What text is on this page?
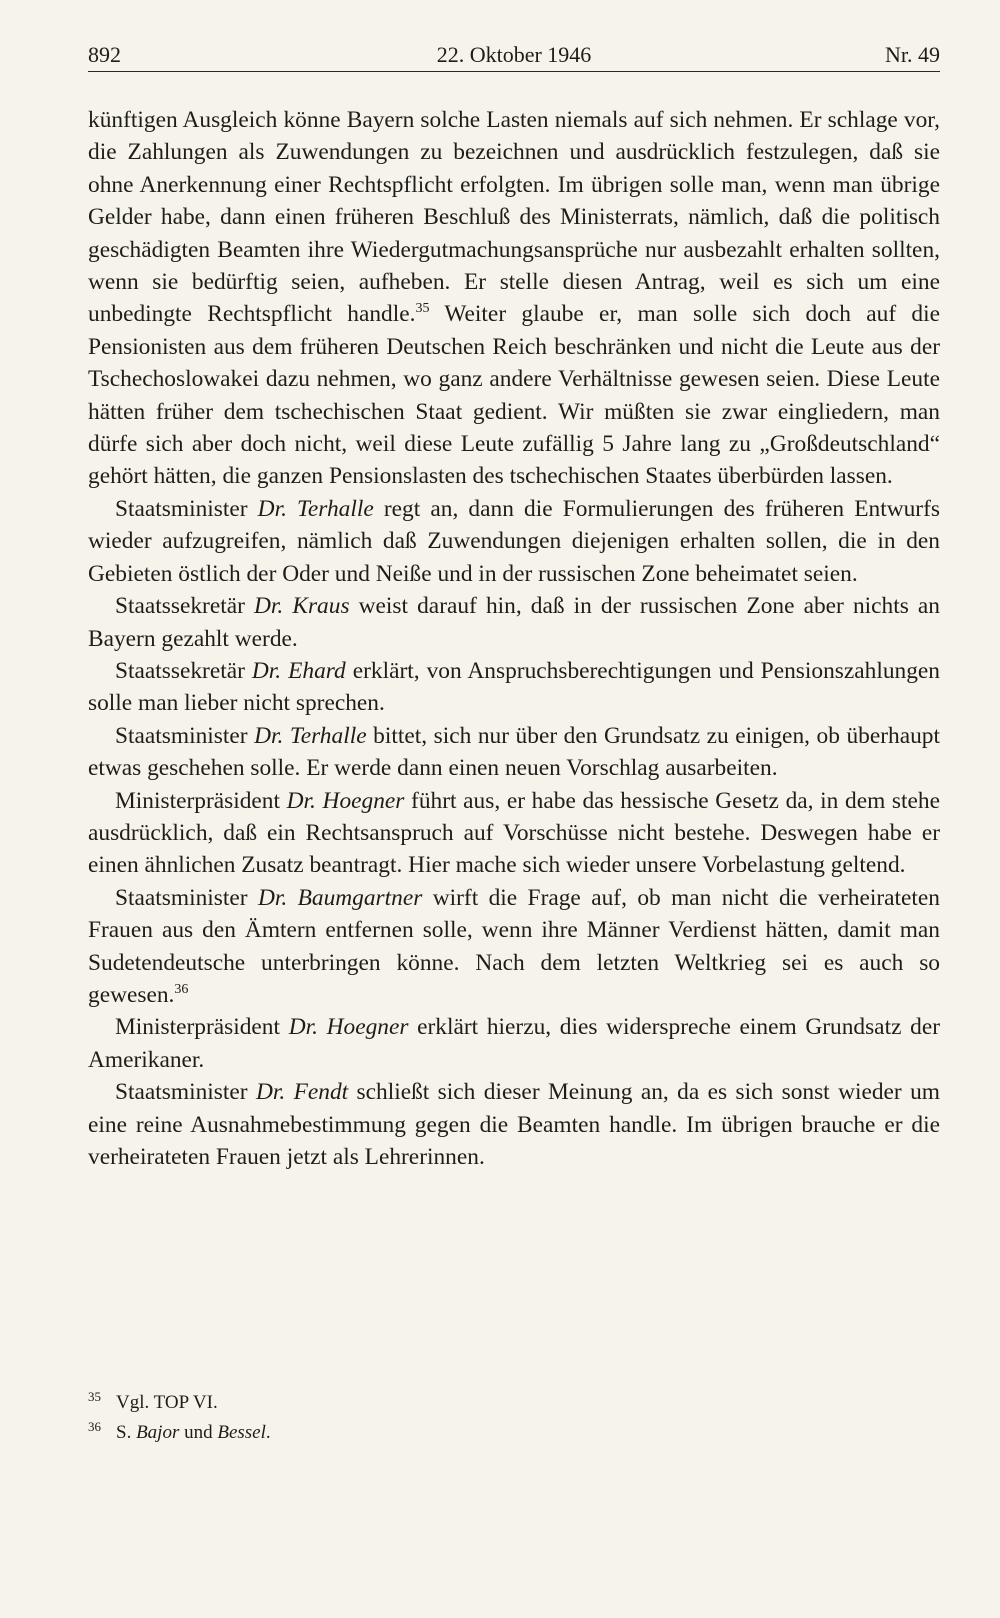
892	22. Oktober 1946	Nr. 49

künftigen Ausgleich könne Bayern solche Lasten niemals auf sich nehmen. Er schlage vor, die Zahlungen als Zuwendungen zu bezeichnen und ausdrücklich festzulegen, daß sie ohne Anerkennung einer Rechtspflicht erfolgten. Im übrigen solle man, wenn man übrige Gelder habe, dann einen früheren Beschluß des Ministerrats, nämlich, daß die politisch geschädigten Beamten ihre Wiedergutmachungsansprüche nur ausbezahlt erhalten sollten, wenn sie bedürftig seien, aufheben. Er stelle diesen Antrag, weil es sich um eine unbedingte Rechtspflicht handle.$^{35}$ Weiter glaube er, man solle sich doch auf die Pensionisten aus dem früheren Deutschen Reich beschränken und nicht die Leute aus der Tschechoslowakei dazu nehmen, wo ganz andere Verhältnisse gewesen seien. Diese Leute hätten früher dem tschechischen Staat gedient. Wir müßten sie zwar eingliedern, man dürfe sich aber doch nicht, weil diese Leute zufällig 5 Jahre lang zu „Großdeutschland“ gehört hätten, die ganzen Pensionslasten des tschechischen Staates überbürden lassen.

Staatsminister Dr. Terhalle regt an, dann die Formulierungen des früheren Entwurfs wieder aufzugreifen, nämlich daß Zuwendungen diejenigen erhalten sollen, die in den Gebieten östlich der Oder und Neiße und in der russischen Zone beheimatet seien.

Staatssekretär Dr. Kraus weist darauf hin, daß in der russischen Zone aber nichts an Bayern gezahlt werde.

Staatssekretär Dr. Ehard erklärt, von Anspruchsberechtigungen und Pensionszahlungen solle man lieber nicht sprechen.

Staatsminister Dr. Terhalle bittet, sich nur über den Grundsatz zu einigen, ob überhaupt etwas geschehen solle. Er werde dann einen neuen Vorschlag ausarbeiten.

Ministerpräsident Dr. Hoegner führt aus, er habe das hessische Gesetz da, in dem stehe ausdrücklich, daß ein Rechtsanspruch auf Vorschüsse nicht bestehe. Deswegen habe er einen ähnlichen Zusatz beantragt. Hier mache sich wieder unsere Vorbelastung geltend.

Staatsminister Dr. Baumgartner wirft die Frage auf, ob man nicht die verheirateten Frauen aus den Ämtern entfernen solle, wenn ihre Männer Verdienst hätten, damit man Sudetendeutsche unterbringen könne. Nach dem letzten Weltkrieg sei es auch so gewesen.$^{36}$

Ministerpräsident Dr. Hoegner erklärt hierzu, dies widerspreche einem Grundsatz der Amerikaner.

Staatsminister Dr. Fendt schließt sich dieser Meinung an, da es sich sonst wieder um eine reine Ausnahmebestimmung gegen die Beamten handle. Im übrigen brauche er die verheirateten Frauen jetzt als Lehrerinnen.

35 Vgl. TOP VI.
36 S. Bajor und Bessel.
